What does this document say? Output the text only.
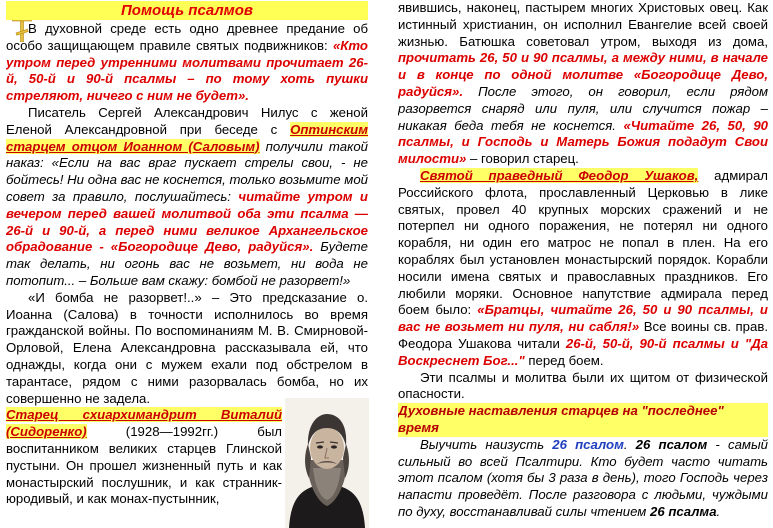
Помощь псалмов

В духовной среде есть одно древнее предание об особо защищающем правиле святых подвижников: «Кто утром перед утренними молитвами прочитает 26-й, 50-й и 90-й псалмы – по тому хоть пушки стреляют, ничего с ним не будет».

Писатель Сергей Александрович Нилус с женой Еленой Александровной при беседе с Оптинским старцем отцом Иоанном (Саловым) получили такой наказ: «Если на вас враг пускает стрелы свои, - не бойтесь! Ни одна вас не коснется, только возьмите мой совет за правило, послушайтесь: читайте утром и вечером перед вашей молитвой оба эти псалма — 26-й и 90-й, а перед ними великое Архангельское обрадование - «Богородице Дево, радуйся». Будете так делать, ни огонь вас не возьмет, ни вода не потопит... – Больше вам скажу: бомбой не разорвет!»

«И бомба не разорвет!..» – Это предсказание о. Иоанна (Салова) в точности исполнилось во время гражданской войны. По воспоминаниям М. В. Смирновой-Орловой, Елена Александровна рассказывала ей, что однажды, когда они с мужем ехали под обстрелом в тарантасе, рядом с ними разорвалась бомба, но их совершенно не задела.

Старец схиархимандрит Виталий (Сидоренко) (1928—1992гг.) был воспитанником великих старцев Глинской пустыни. Он прошел жизненный путь и как монастырский послушник, и как странник-юродивый, и как монах-пустынник,

явившись, наконец, пастырем многих Христовых овец. Как истинный христианин, он исполнил Евангелие всей своей жизнью. Батюшка советовал утром, выходя из дома, прочитать 26, 50 и 90 псалмы, а между ними, в начале и в конце по одной молитве «Богородице Дево, радуйся». После этого, он говорил, если рядом разорвется снаряд или пуля, или случится пожар – никакая беда тебя не коснется. «Читайте 26, 50, 90 псалмы, и Господь и Матерь Божия подадут Свои милости» – говорил старец.

Святой праведный Феодор Ушаков, адмирал Российского флота, прославленный Церковью в лике святых, провел 40 крупных морских сражений и не потерпел ни одного поражения, не потерял ни одного корабля, ни один его матрос не попал в плен. На его кораблях был установлен монастырский порядок. Корабли носили имена святых и православных праздников. Его любили моряки. Основное напутствие адмирала перед боем было: «Братцы, читайте 26, 50 и 90 псалмы, и вас не возьмет ни пуля, ни сабля!» Все воины св. прав. Феодора Ушакова читали 26-й, 50-й, 90-й псалмы и "Да Воскреснет Бог..." перед боем.

Эти псалмы и молитва были их щитом от физической опасности.

Духовные наставления старцев на "последнее" время

Выучить наизусть 26 псалом. 26 псалом - самый сильный во всей Псалтири. Кто будет часто читать этот псалом (хотя бы 3 раза в день), того Господь через напасти проведёт. После разговора с людьми, чуждыми по духу, восстанавливай силы чтением 26 псалма.
